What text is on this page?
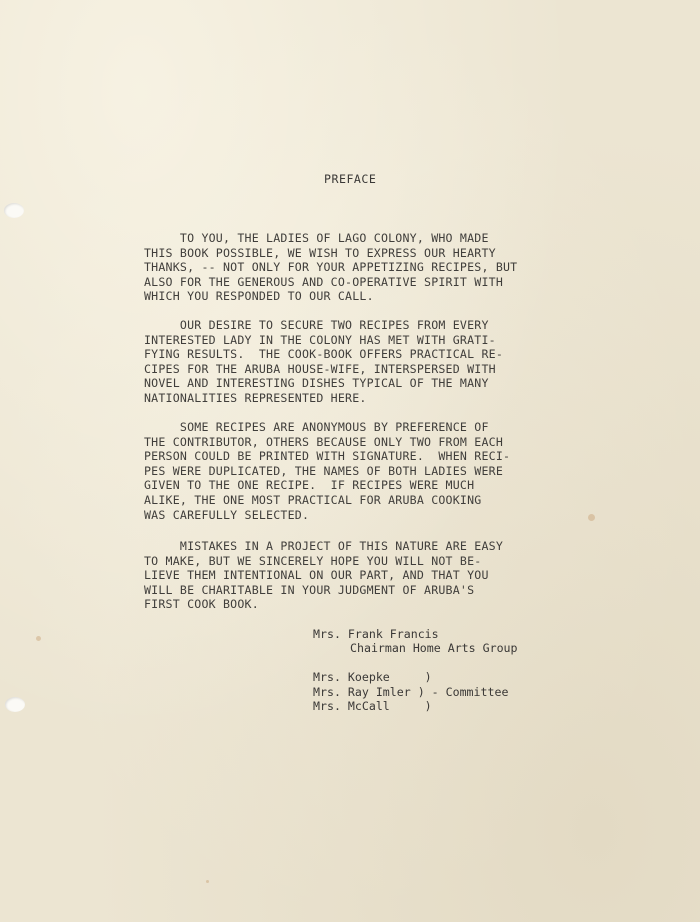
PREFACE

TO YOU, THE LADIES OF LAGO COLONY, WHO MADE
THIS BOOK POSSIBLE, WE WISH TO EXPRESS OUR HEARTY
THANKS, -- NOT ONLY FOR YOUR APPETIZING RECIPES, BUT
ALSO FOR THE GENEROUS AND CO-OPERATIVE SPIRIT WITH
WHICH YOU RESPONDED TO OUR CALL.

OUR DESIRE TO SECURE TWO RECIPES FROM EVERY
INTERESTED LADY IN THE COLONY HAS MET WITH GRATI-
FYING RESULTS.  THE COOK-BOOK OFFERS PRACTICAL RE-
CIPES FOR THE ARUBA HOUSE-WIFE, INTERSPERSED WITH
NOVEL AND INTERESTING DISHES TYPICAL OF THE MANY
NATIONALITIES REPRESENTED HERE.

SOME RECIPES ARE ANONYMOUS BY PREFERENCE OF
THE CONTRIBUTOR, OTHERS BECAUSE ONLY TWO FROM EACH
PERSON COULD BE PRINTED WITH SIGNATURE.  WHEN RECI-
PES WERE DUPLICATED, THE NAMES OF BOTH LADIES WERE
GIVEN TO THE ONE RECIPE.  IF RECIPES WERE MUCH
ALIKE, THE ONE MOST PRACTICAL FOR ARUBA COOKING
WAS CAREFULLY SELECTED.

MISTAKES IN A PROJECT OF THIS NATURE ARE EASY
TO MAKE, BUT WE SINCERELY HOPE YOU WILL NOT BE-
LIEVE THEM INTENTIONAL ON OUR PART, AND THAT YOU
WILL BE CHARITABLE IN YOUR JUDGMENT OF ARUBA'S
FIRST COOK BOOK.

Mrs. Frank Francis

Chairman Home Arts Group

Mrs. Koepke     )
Mrs. Ray Imler ) - Committee
Mrs. McCall     )
